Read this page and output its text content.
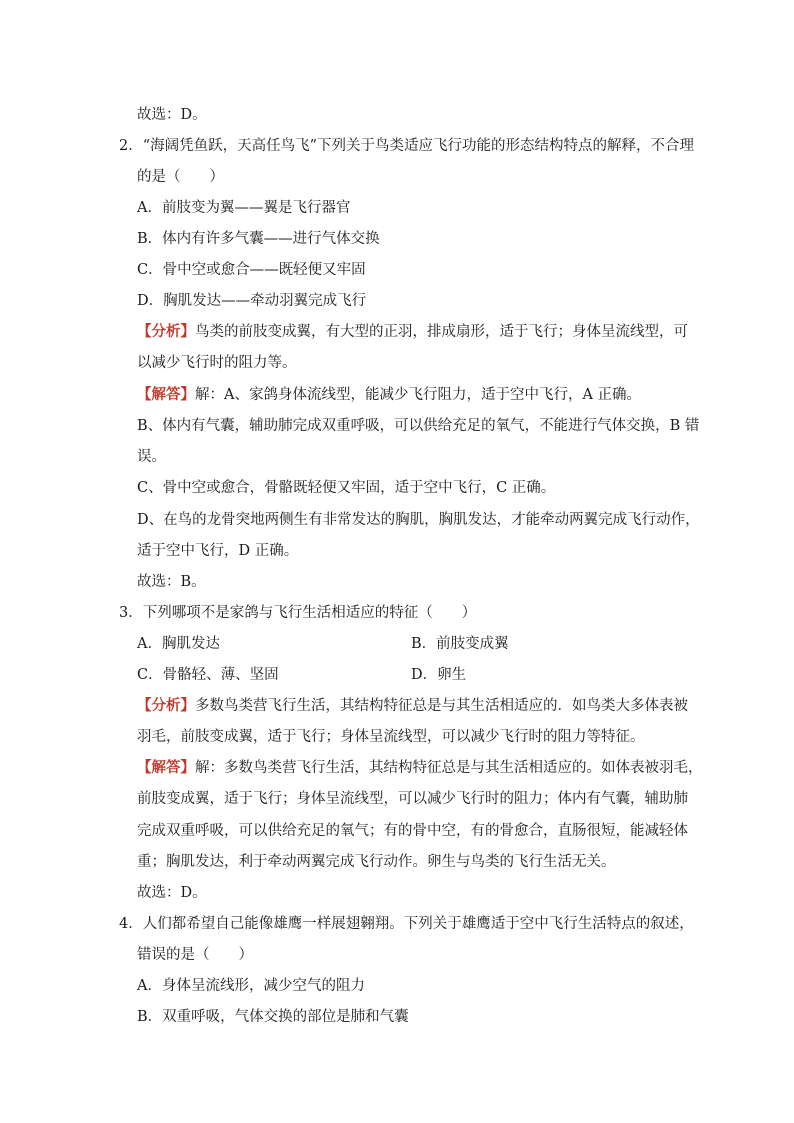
故选：D。
2．“海阔凭鱼跃，天高任鸟飞”下列关于鸟类适应飞行功能的形态结构特点的解释，不合理
的是（　　）
A．前肢变为翼——翼是飞行器官
B．体内有许多气囊——进行气体交换
C．骨中空或愈合——既轻便又牢固
D．胸肌发达——牵动羽翼完成飞行
【分析】鸟类的前肢变成翼，有大型的正羽，排成扇形，适于飞行；身体呈流线型，可
以减少飞行时的阻力等。
【解答】解：A、家鸽身体流线型，能减少飞行阻力，适于空中飞行，A 正确。
B、体内有气囊，辅助肺完成双重呼吸，可以供给充足的氧气，不能进行气体交换，B 错
误。
C、骨中空或愈合，骨骼既轻便又牢固，适于空中飞行，C 正确。
D、在鸟的龙骨突地两侧生有非常发达的胸肌，胸肌发达，才能牵动两翼完成飞行动作，
适于空中飞行，D 正确。
故选：B。
3．下列哪项不是家鸽与飞行生活相适应的特征（　　）
A．胸肌发达	B．前肢变成翼
C．骨骼轻、薄、坚固	D．卵生
【分析】多数鸟类营飞行生活，其结构特征总是与其生活相适应的．如鸟类大多体表被
羽毛，前肢变成翼，适于飞行；身体呈流线型，可以减少飞行时的阻力等特征。
【解答】解：多数鸟类营飞行生活，其结构特征总是与其生活相适应的。如体表被羽毛，
前肢变成翼，适于飞行；身体呈流线型，可以减少飞行时的阻力；体内有气囊，辅助肺
完成双重呼吸，可以供给充足的氧气；有的骨中空，有的骨愈合，直肠很短，能减轻体
重；胸肌发达，利于牵动两翼完成飞行动作。卵生与鸟类的飞行生活无关。
故选：D。
4．人们都希望自己能像雄鹰一样展翅翱翔。下列关于雄鹰适于空中飞行生活特点的叙述，
错误的是（　　）
A．身体呈流线形，减少空气的阻力
B．双重呼吸，气体交换的部位是肺和气囊
